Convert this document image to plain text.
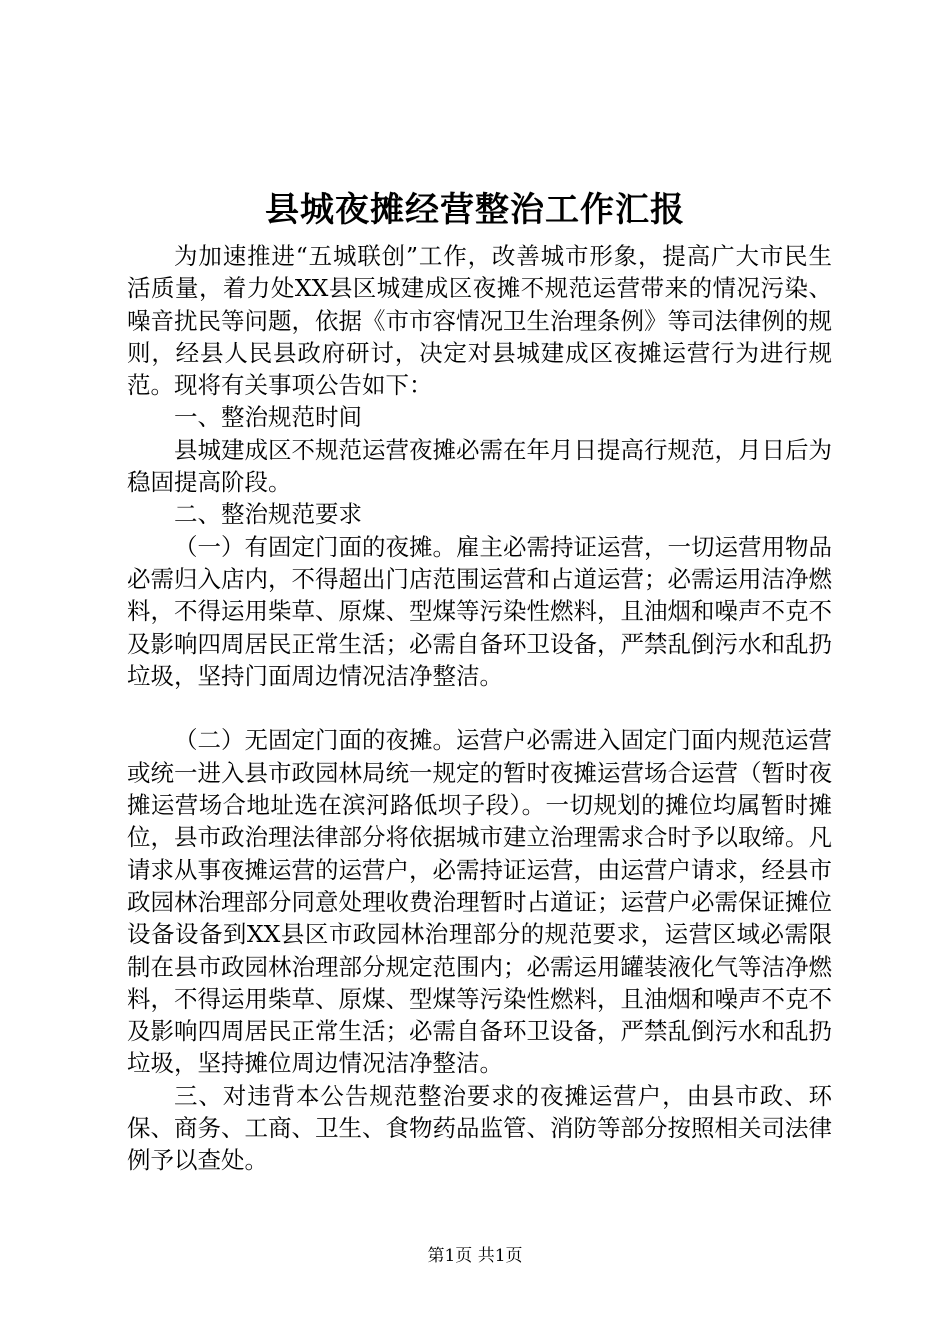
县城夜摊经营整治工作汇报

为加速推进“五城联创”工作，改善城市形象，提高广大市民生活质量，着力处XX县区城建成区夜摊不规范运营带来的情况污染、噪音扰民等问题，依据《市市容情况卫生治理条例》等司法律例的规则，经县人民县政府研讨，决定对县城建成区夜摊运营行为进行规范。现将有关事项公告如下：

一、整治规范时间

县城建成区不规范运营夜摊必需在年月日提高行规范，月日后为稳固提高阶段。

二、整治规范要求

（一）有固定门面的夜摊。雇主必需持证运营，一切运营用物品必需归入店内，不得超出门店范围运营和占道运营；必需运用洁净燃料，不得运用柴草、原煤、型煤等污染性燃料，且油烟和噪声不克不及影响四周居民正常生活；必需自备环卫设备，严禁乱倒污水和乱扔垃圾，坚持门面周边情况洁净整洁。

（二）无固定门面的夜摊。运营户必需进入固定门面内规范运营或统一进入县市政园林局统一规定的暂时夜摊运营场合运营（暂时夜摊运营场合地址选在滨河路低坝子段）。一切规划的摊位均属暂时摊位，县市政治理法律部分将依据城市建立治理需求合时予以取缔。凡请求从事夜摊运营的运营户，必需持证运营，由运营户请求，经县市政园林治理部分同意处理收费治理暂时占道证；运营户必需保证摊位设备设备到XX县区市政园林治理部分的规范要求，运营区域必需限制在县市政园林治理部分规定范围内；必需运用罐装液化气等洁净燃料，不得运用柴草、原煤、型煤等污染性燃料，且油烟和噪声不克不及影响四周居民正常生活；必需自备环卫设备，严禁乱倒污水和乱扔垃圾，坚持摊位周边情况洁净整洁。

三、对违背本公告规范整治要求的夜摊运营户，由县市政、环保、商务、工商、卫生、食物药品监管、消防等部分按照相关司法律例予以查处。

第1页 共1页
